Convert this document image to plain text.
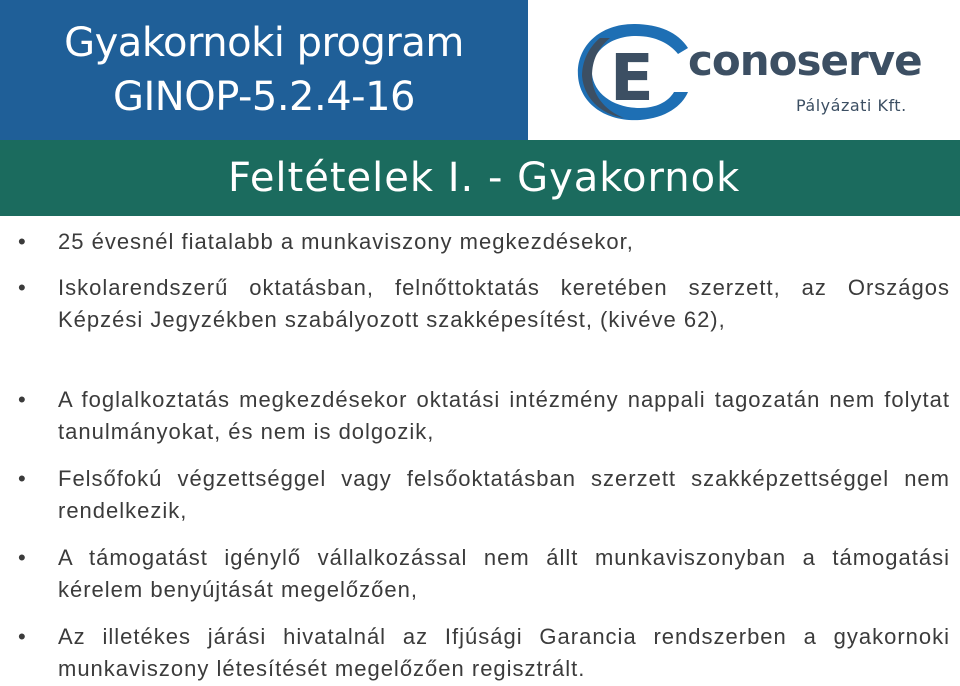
Gyakornoki program
GINOP-5.2.4-16	E conoserve
Pályázati Kft.
Feltételek I. - Gyakornok
• 25 évesnél fiatalabb a munkaviszony megkezdésekor,
• Iskolarendszerű oktatásban, felnőttoktatás keretében szerzett, az Országos Képzési Jegyzékben szabályozott szakképesítést, (kivéve 62),
• A foglalkoztatás megkezdésekor oktatási intézmény nappali tagozatán nem folytat tanulmányokat, és nem is dolgozik,
• Felsőfokú végzettséggel vagy felsőoktatásban szerzett szakképzettséggel nem rendelkezik,
• A támogatást igénylő vállalkozással nem állt munkaviszonyban a támogatási kérelem benyújtását megelőzően,
• Az illetékes járási hivatalnál az Ifjúsági Garancia rendszerben a gyakornoki munkaviszony létesítését megelőzően regisztrált.
